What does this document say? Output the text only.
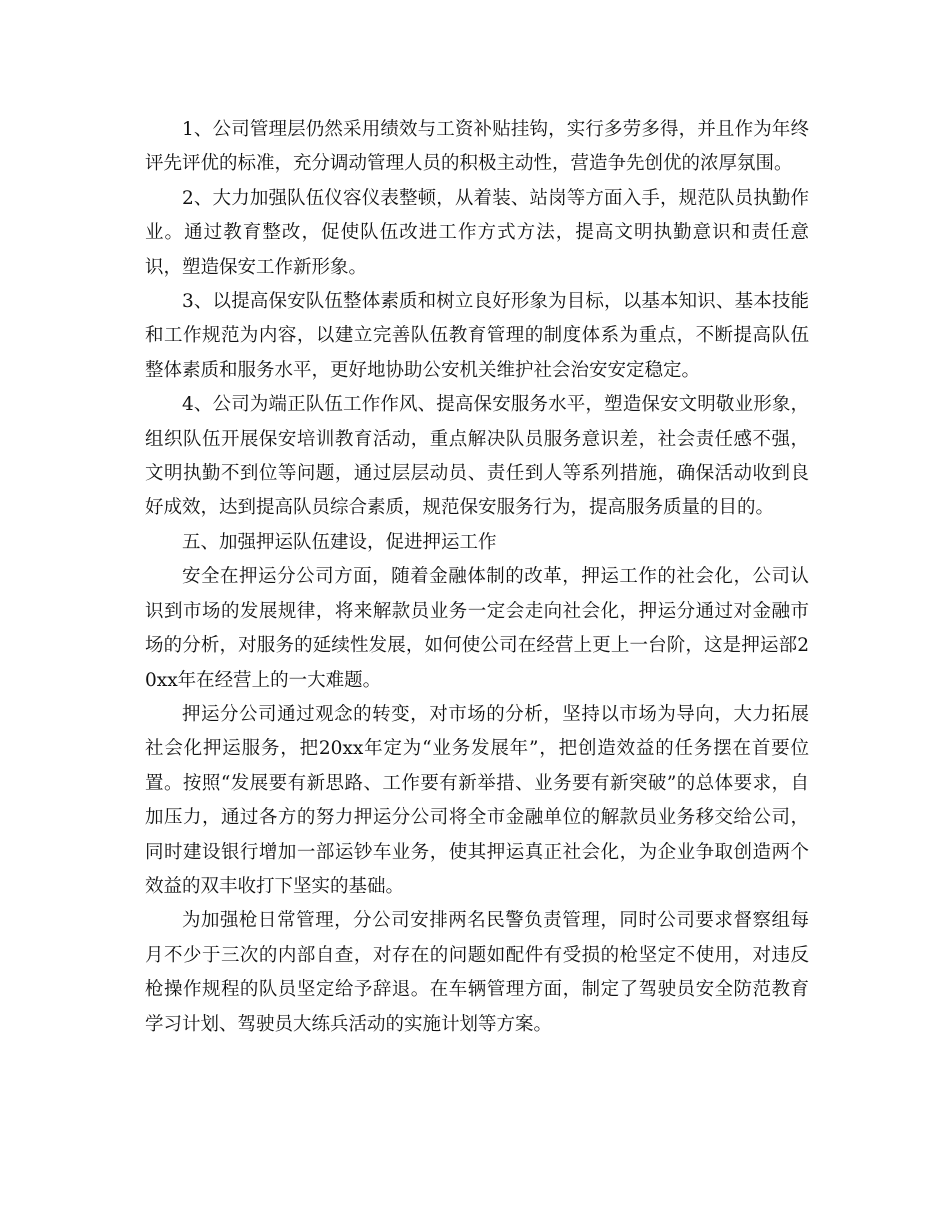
1、公司管理层仍然采用绩效与工资补贴挂钩，实行多劳多得，并且作为年终评先评优的标准，充分调动管理人员的积极主动性，营造争先创优的浓厚氛围。

2、大力加强队伍仪容仪表整顿，从着装、站岗等方面入手，规范队员执勤作业。通过教育整改，促使队伍改进工作方式方法，提高文明执勤意识和责任意识，塑造保安工作新形象。

3、以提高保安队伍整体素质和树立良好形象为目标，以基本知识、基本技能和工作规范为内容，以建立完善队伍教育管理的制度体系为重点，不断提高队伍整体素质和服务水平，更好地协助公安机关维护社会治安安定稳定。

4、公司为端正队伍工作作风、提高保安服务水平，塑造保安文明敬业形象，组织队伍开展保安培训教育活动，重点解决队员服务意识差，社会责任感不强，文明执勤不到位等问题，通过层层动员、责任到人等系列措施，确保活动收到良好成效，达到提高队员综合素质，规范保安服务行为，提高服务质量的目的。

五、加强押运队伍建设，促进押运工作

安全在押运分公司方面，随着金融体制的改革，押运工作的社会化，公司认识到市场的发展规律，将来解款员业务一定会走向社会化，押运分通过对金融市场的分析，对服务的延续性发展，如何使公司在经营上更上一台阶，这是押运部20xx年在经营上的一大难题。

押运分公司通过观念的转变，对市场的分析，坚持以市场为导向，大力拓展社会化押运服务，把20xx年定为“业务发展年”，把创造效益的任务摆在首要位置。按照“发展要有新思路、工作要有新举措、业务要有新突破”的总体要求，自加压力，通过各方的努力押运分公司将全市金融单位的解款员业务移交给公司，同时建设银行增加一部运钞车业务，使其押运真正社会化，为企业争取创造两个效益的双丰收打下坚实的基础。

为加强枪日常管理，分公司安排两名民警负责管理，同时公司要求督察组每月不少于三次的内部自查，对存在的问题如配件有受损的枪坚定不使用，对违反枪操作规程的队员坚定给予辞退。在车辆管理方面，制定了驾驶员安全防范教育学习计划、驾驶员大练兵活动的实施计划等方案。
